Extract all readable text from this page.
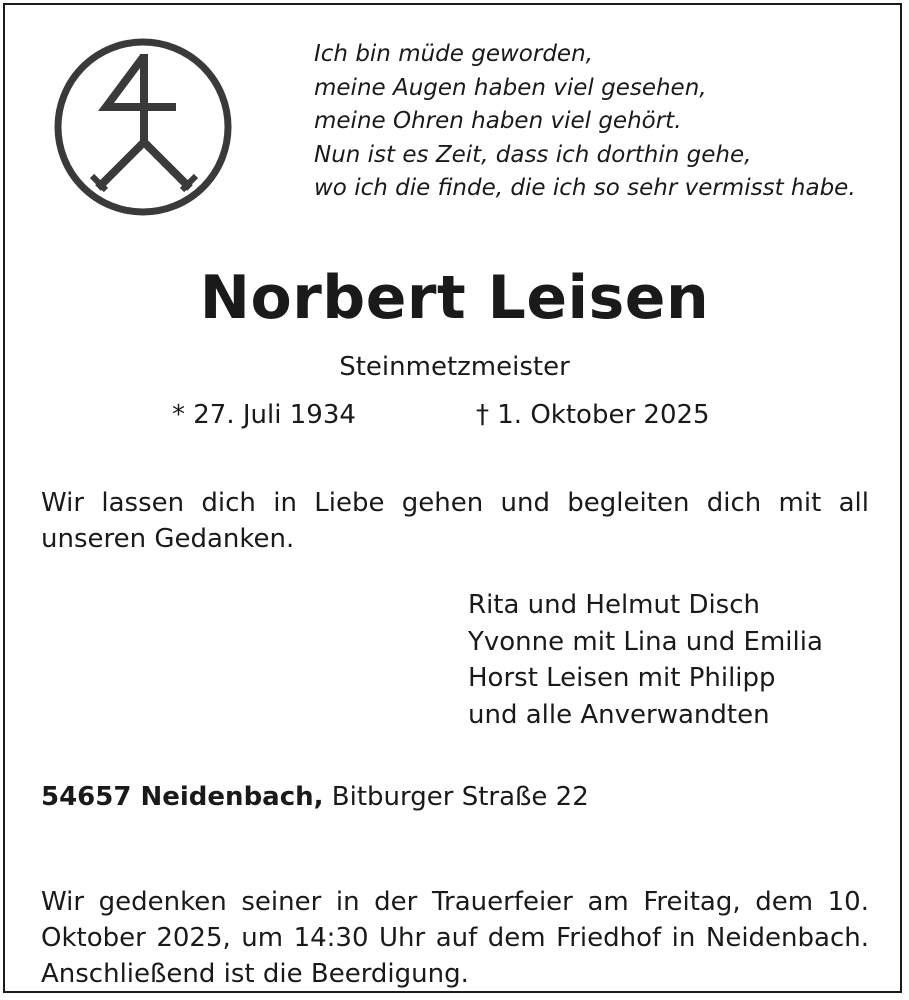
Ich bin müde geworden,
meine Augen haben viel gesehen,
meine Ohren haben viel gehört.
Nun ist es Zeit, dass ich dorthin gehe,
wo ich die finde, die ich so sehr vermisst habe.
Norbert Leisen
Steinmetzmeister
* 27. Juli 1934	† 1. Oktober 2025
Wir lassen dich in Liebe gehen und begleiten dich mit all unseren Gedanken.
Rita und Helmut Disch
Yvonne mit Lina und Emilia
Horst Leisen mit Philipp
und alle Anverwandten
54657 Neidenbach, Bitburger Straße 22
Wir gedenken seiner in der Trauerfeier am Freitag, dem 10. Oktober 2025, um 14:30 Uhr auf dem Friedhof in Neidenbach. Anschließend ist die Beerdigung.
